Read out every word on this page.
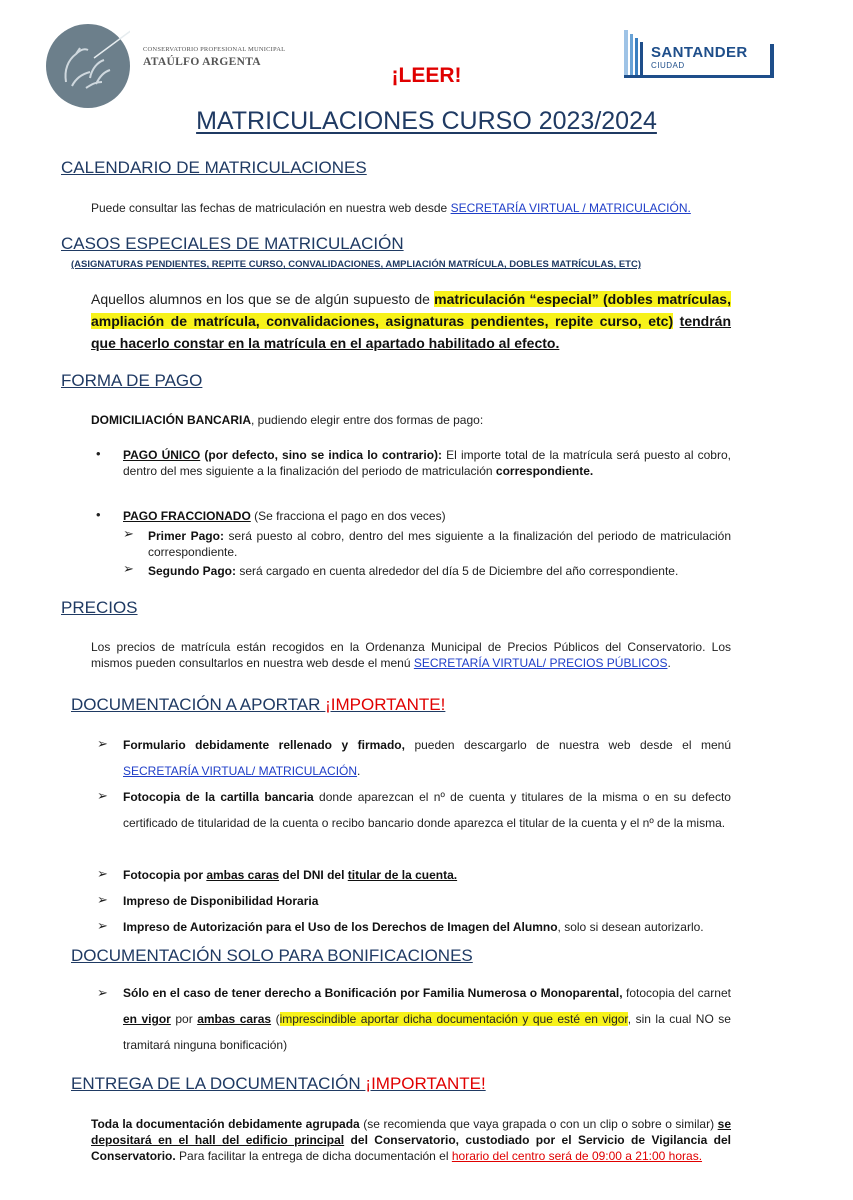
CONSERVATORIO PROFESIONAL MUNICIPAL
ATAÚLFO ARGENTA
SANTANDER
CIUDAD
¡LEER!
MATRICULACIONES CURSO 2023/2024
CALENDARIO DE MATRICULACIONES
Puede consultar las fechas de matriculación en nuestra web desde SECRETARÍA VIRTUAL / MATRICULACIÓN.
CASOS ESPECIALES DE MATRICULACIÓN
(ASIGNATURAS PENDIENTES, REPITE CURSO, CONVALIDACIONES, AMPLIACIÓN MATRÍCULA, DOBLES MATRÍCULAS, ETC)
Aquellos alumnos en los que se de algún supuesto de matriculación “especial” (dobles matrículas, ampliación de matrícula, convalidaciones, asignaturas pendientes, repite curso, etc) tendrán que hacerlo constar en la matrícula en el apartado habilitado al efecto.
FORMA DE PAGO
DOMICILIACIÓN BANCARIA, pudiendo elegir entre dos formas de pago:
• PAGO ÚNICO (por defecto, sino se indica lo contrario): El importe total de la matrícula será puesto al cobro, dentro del mes siguiente a la finalización del periodo de matriculación correspondiente.
• PAGO FRACCIONADO (Se fracciona el pago en dos veces)
➢ Primer Pago: será puesto al cobro, dentro del mes siguiente a la finalización del periodo de matriculación correspondiente.
➢ Segundo Pago: será cargado en cuenta alrededor del día 5 de Diciembre del año correspondiente.
PRECIOS
Los precios de matrícula están recogidos en la Ordenanza Municipal de Precios Públicos del Conservatorio. Los mismos pueden consultarlos en nuestra web desde el menú SECRETARÍA VIRTUAL/ PRECIOS PÚBLICOS.
DOCUMENTACIÓN A APORTAR ¡IMPORTANTE!
➢ Formulario debidamente rellenado y firmado, pueden descargarlo de nuestra web desde el menú SECRETARÍA VIRTUAL/ MATRICULACIÓN.
➢ Fotocopia de la cartilla bancaria donde aparezcan el nº de cuenta y titulares de la misma o en su defecto certificado de titularidad de la cuenta o recibo bancario donde aparezca el titular de la cuenta y el nº de la misma.
➢ Fotocopia por ambas caras del DNI del titular de la cuenta.
➢ Impreso de Disponibilidad Horaria
➢ Impreso de Autorización para el Uso de los Derechos de Imagen del Alumno, solo si desean autorizarlo.
DOCUMENTACIÓN SOLO PARA BONIFICACIONES
➢ Sólo en el caso de tener derecho a Bonificación por Familia Numerosa o Monoparental, fotocopia del carnet en vigor por ambas caras (imprescindible aportar dicha documentación y que esté en vigor, sin la cual NO se tramitará ninguna bonificación)
ENTREGA DE LA DOCUMENTACIÓN ¡IMPORTANTE!
Toda la documentación debidamente agrupada (se recomienda que vaya grapada o con un clip o sobre o similar) se depositará en el hall del edificio principal del Conservatorio, custodiado por el Servicio de Vigilancia del Conservatorio. Para facilitar la entrega de dicha documentación el horario del centro será de 09:00 a 21:00 horas.
